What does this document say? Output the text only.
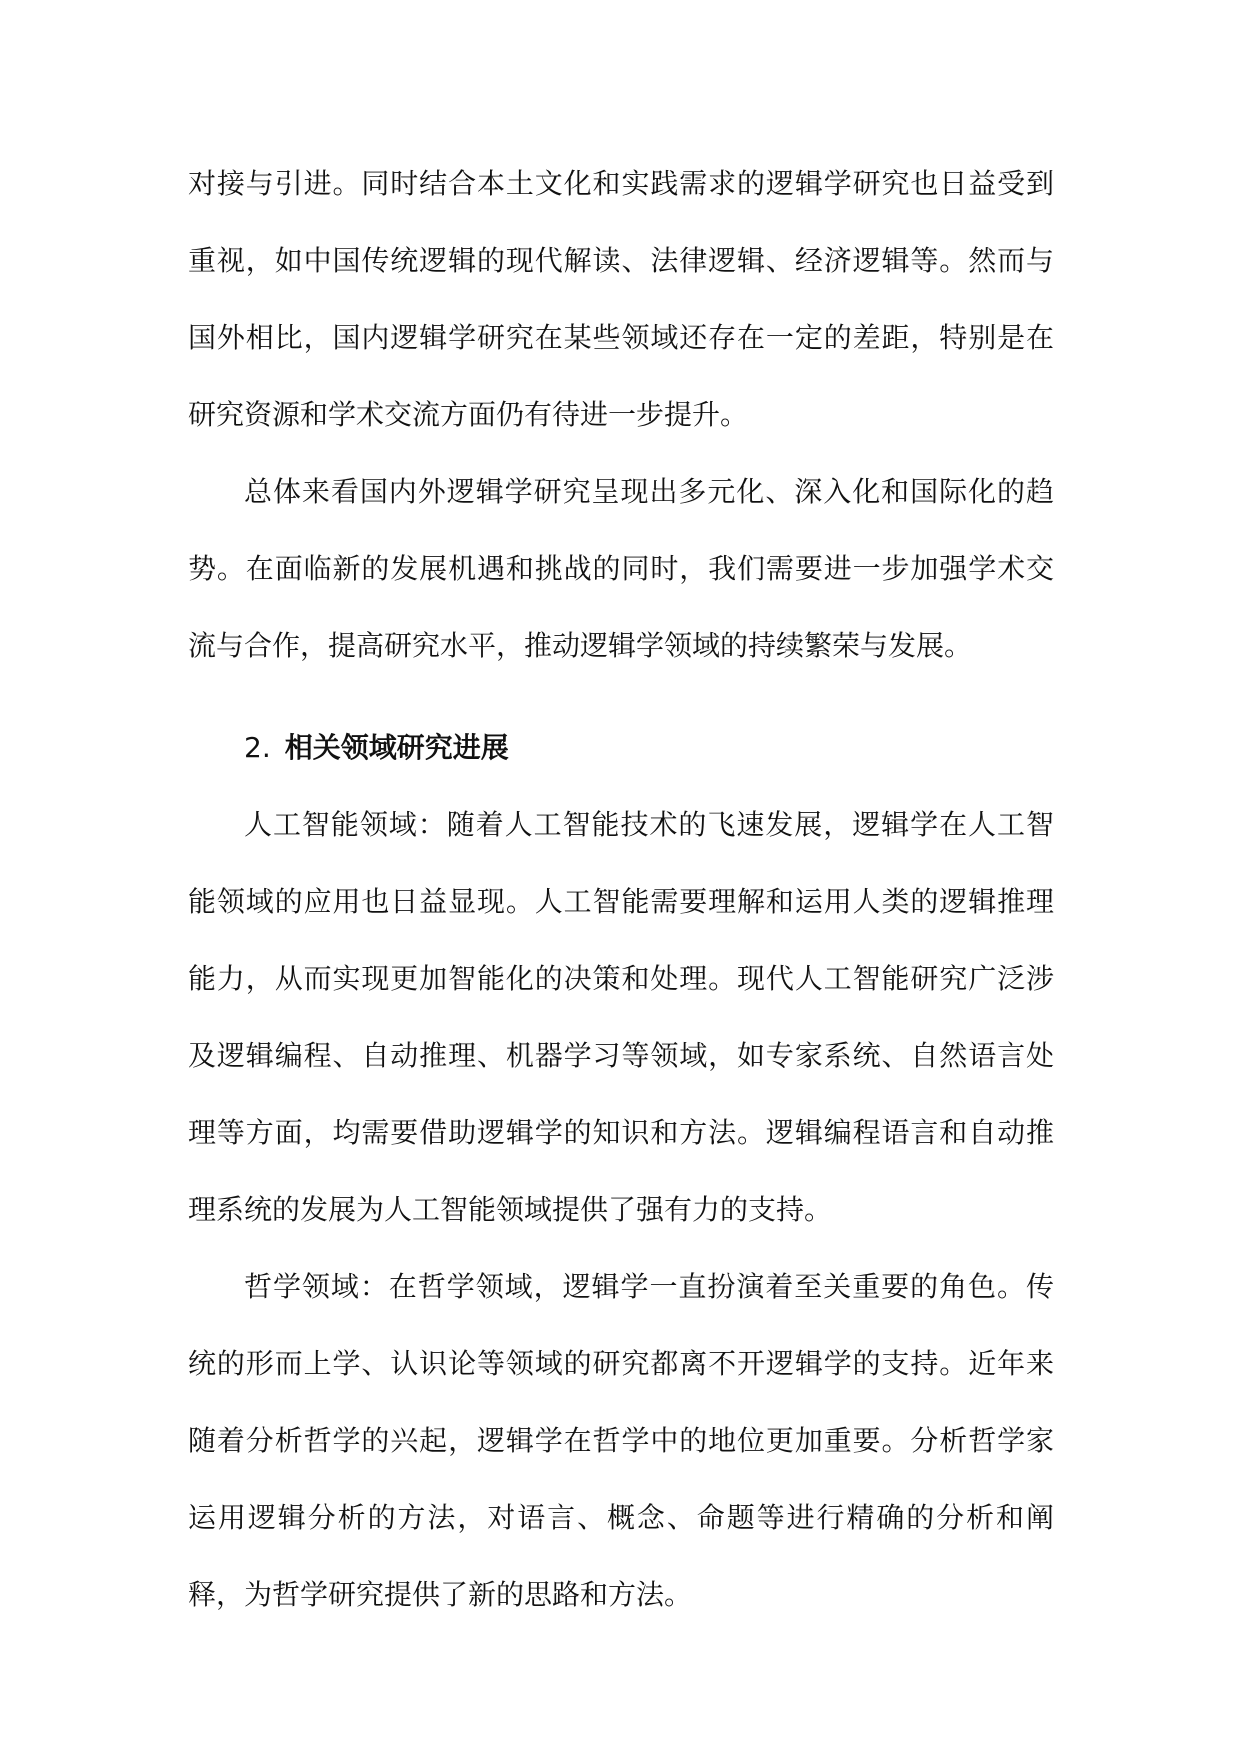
对接与引进。同时结合本土文化和实践需求的逻辑学研究也日益受到重视，如中国传统逻辑的现代解读、法律逻辑、经济逻辑等。然而与国外相比，国内逻辑学研究在某些领域还存在一定的差距，特别是在研究资源和学术交流方面仍有待进一步提升。

总体来看国内外逻辑学研究呈现出多元化、深入化和国际化的趋势。在面临新的发展机遇和挑战的同时，我们需要进一步加强学术交流与合作，提高研究水平，推动逻辑学领域的持续繁荣与发展。

2. 相关领域研究进展

人工智能领域：随着人工智能技术的飞速发展，逻辑学在人工智能领域的应用也日益显现。人工智能需要理解和运用人类的逻辑推理能力，从而实现更加智能化的决策和处理。现代人工智能研究广泛涉及逻辑编程、自动推理、机器学习等领域，如专家系统、自然语言处理等方面，均需要借助逻辑学的知识和方法。逻辑编程语言和自动推理系统的发展为人工智能领域提供了强有力的支持。

哲学领域：在哲学领域，逻辑学一直扮演着至关重要的角色。传统的形而上学、认识论等领域的研究都离不开逻辑学的支持。近年来随着分析哲学的兴起，逻辑学在哲学中的地位更加重要。分析哲学家运用逻辑分析的方法，对语言、概念、命题等进行精确的分析和阐释，为哲学研究提供了新的思路和方法。
